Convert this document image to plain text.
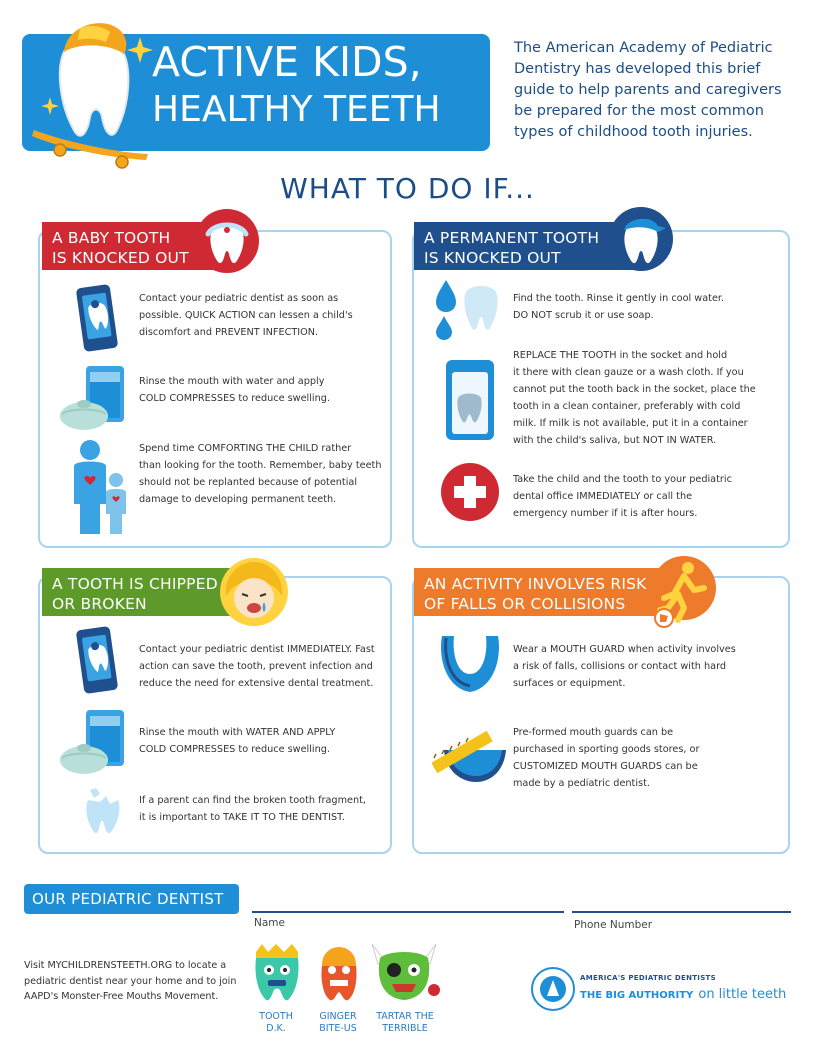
ACTIVE KIDS,
HEALTHY TEETH
The American Academy of Pediatric Dentistry has developed this brief guide to help parents and caregivers be prepared for the most common types of childhood tooth injuries.
WHAT TO DO IF...
A BABY TOOTH
IS KNOCKED OUT
Contact your pediatric dentist as soon as
possible. QUICK ACTION can lessen a child's
discomfort and PREVENT INFECTION.
Rinse the mouth with water and apply
COLD COMPRESSES to reduce swelling.
Spend time COMFORTING THE CHILD rather
than looking for the tooth. Remember, baby teeth
should not be replanted because of potential
damage to developing permanent teeth.
A PERMANENT TOOTH
IS KNOCKED OUT
Find the tooth. Rinse it gently in cool water.
DO NOT scrub it or use soap.
REPLACE THE TOOTH in the socket and hold
it there with clean gauze or a wash cloth. If you
cannot put the tooth back in the socket, place the
tooth in a clean container, preferably with cold
milk. If milk is not available, put it in a container
with the child's saliva, but NOT IN WATER.
Take the child and the tooth to your pediatric
dental office IMMEDIATELY or call the
emergency number if it is after hours.
A TOOTH IS CHIPPED
OR BROKEN
Contact your pediatric dentist IMMEDIATELY. Fast
action can save the tooth, prevent infection and
reduce the need for extensive dental treatment.
Rinse the mouth with WATER AND APPLY
COLD COMPRESSES to reduce swelling.
If a parent can find the broken tooth fragment,
it is important to TAKE IT TO THE DENTIST.
AN ACTIVITY INVOLVES RISK
OF FALLS OR COLLISIONS
Wear a MOUTH GUARD when activity involves
a risk of falls, collisions or contact with hard
surfaces or equipment.
Pre-formed mouth guards can be
purchased in sporting goods stores, or
CUSTOMIZED MOUTH GUARDS can be
made by a pediatric dentist.
OUR PEDIATRIC DENTIST
Name	Phone Number
Visit MYCHILDRENSTEETH.ORG to locate a
pediatric dentist near your home and to join
AAPD's Monster-Free Mouths Movement.
TOOTH
D.K.
GINGER
BITE-US
TARTAR THE
TERRIBLE
AMERICA'S PEDIATRIC DENTISTS
THE BIG AUTHORITY on little teeth
